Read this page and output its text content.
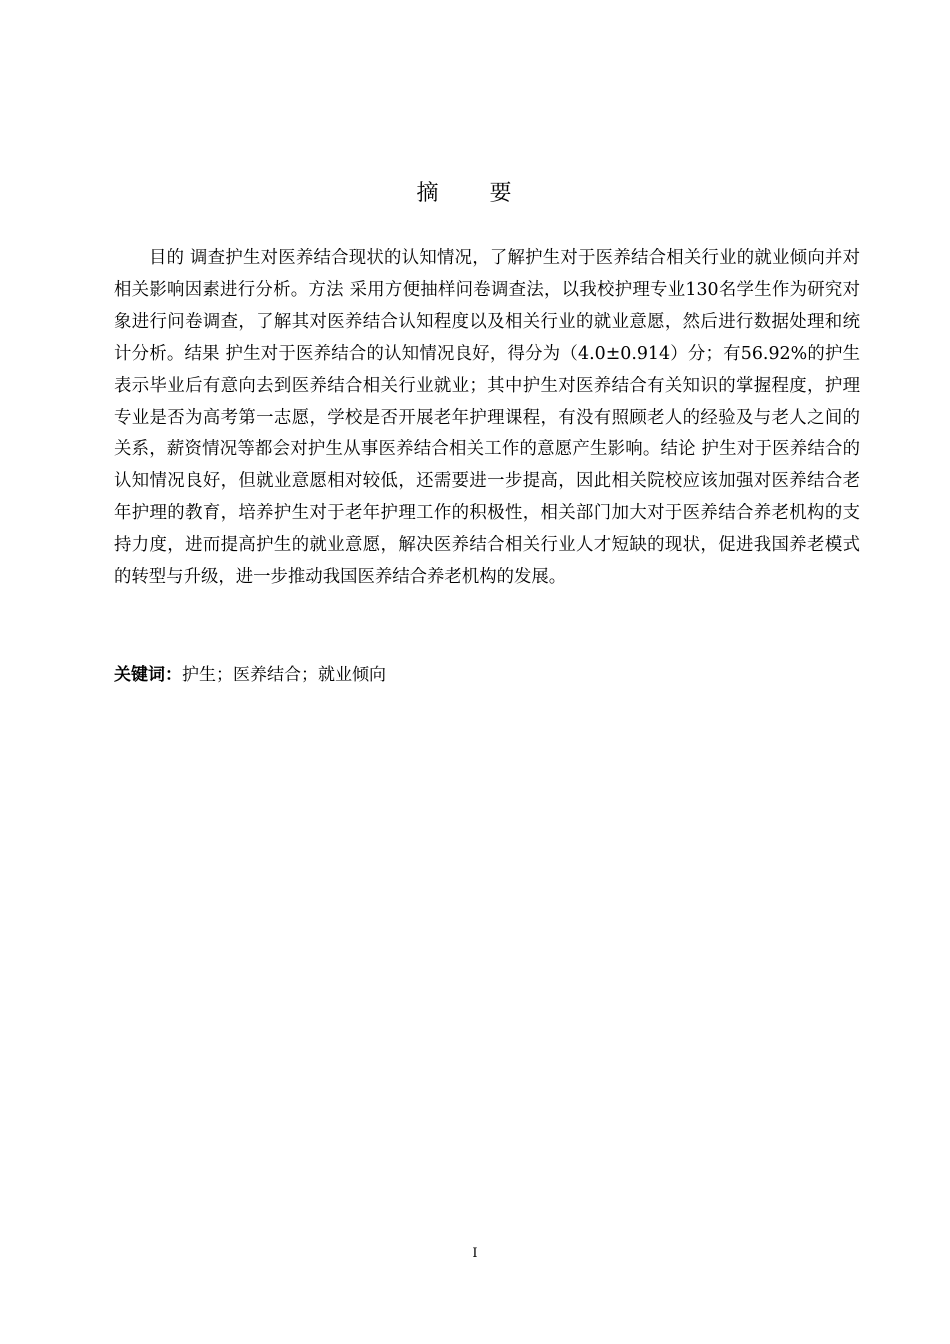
摘 要

目的 调查护生对医养结合现状的认知情况，了解护生对于医养结合相关行业的就业倾向并对相关影响因素进行分析。方法 采用方便抽样问卷调查法，以我校护理专业130名学生作为研究对象进行问卷调查，了解其对医养结合认知程度以及相关行业的就业意愿，然后进行数据处理和统计分析。结果 护生对于医养结合的认知情况良好，得分为（4.0±0.914）分；有56.92%的护生表示毕业后有意向去到医养结合相关行业就业；其中护生对医养结合有关知识的掌握程度，护理专业是否为高考第一志愿，学校是否开展老年护理课程，有没有照顾老人的经验及与老人之间的关系，薪资情况等都会对护生从事医养结合相关工作的意愿产生影响。结论 护生对于医养结合的认知情况良好，但就业意愿相对较低，还需要进一步提高，因此相关院校应该加强对医养结合老年护理的教育，培养护生对于老年护理工作的积极性，相关部门加大对于医养结合养老机构的支持力度，进而提高护生的就业意愿，解决医养结合相关行业人才短缺的现状，促进我国养老模式的转型与升级，进一步推动我国医养结合养老机构的发展。

关键词：护生；医养结合；就业倾向
I
